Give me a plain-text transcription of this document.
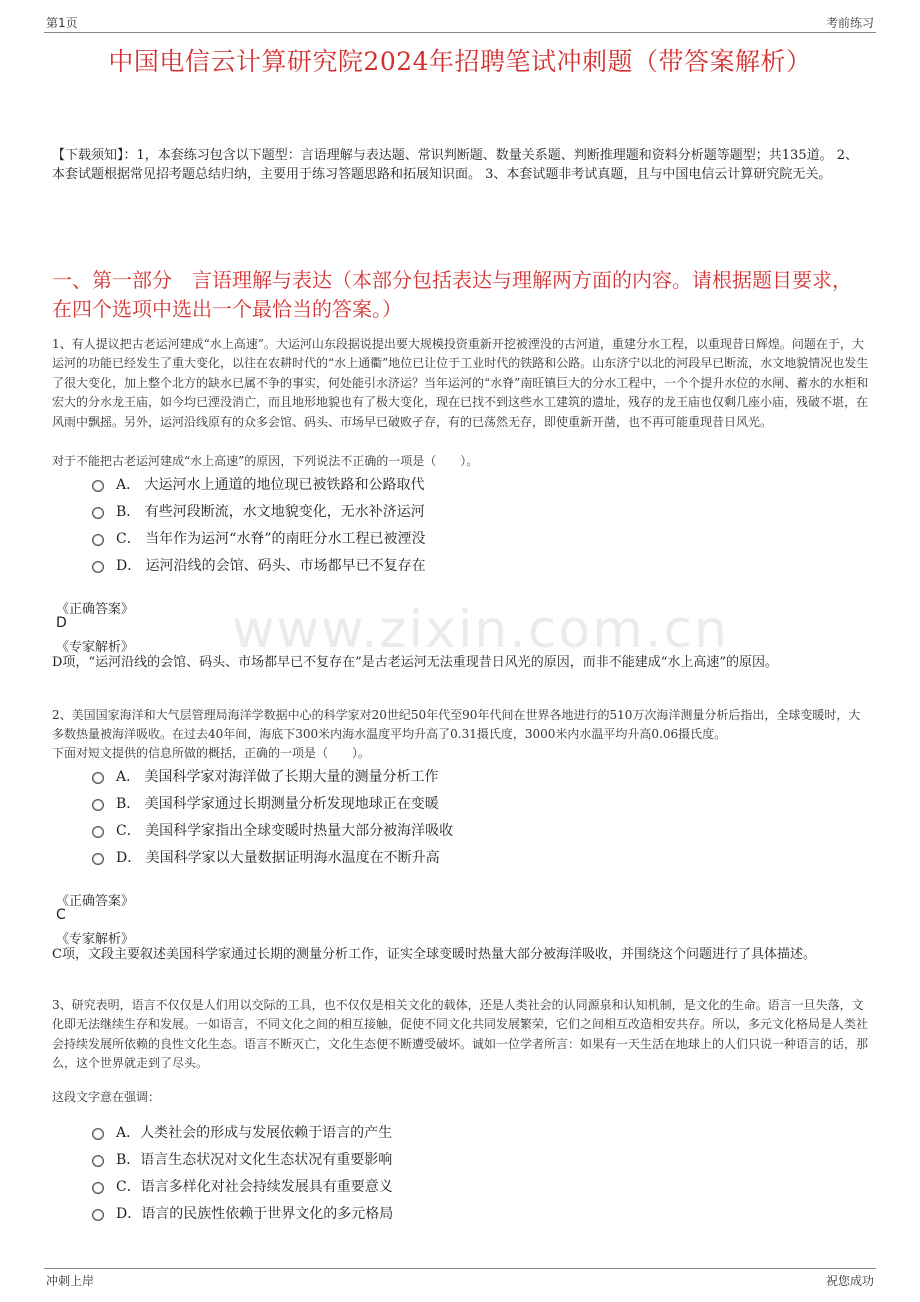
第1页	考前练习
中国电信云计算研究院2024年招聘笔试冲刺题（带答案解析）
【下载须知】：1，本套练习包含以下题型：言语理解与表达题、常识判断题、数量关系题、判断推理题和资料分析题等题型；共135道。 2、本套试题根据常见招考题总结归纳，主要用于练习答题思路和拓展知识面。 3、本套试题非考试真题，且与中国电信云计算研究院无关。
一、第一部分　言语理解与表达（本部分包括表达与理解两方面的内容。请根据题目要求，在四个选项中选出一个最恰当的答案。）
www.zixin.com.cn
1、有人提议把古老运河建成“水上高速”。大运河山东段据说提出要大规模投资重新开挖被湮没的古河道，重建分水工程，以重现昔日辉煌。问题在于，大运河的功能已经发生了重大变化，以往在农耕时代的“水上通衢”地位已让位于工业时代的铁路和公路。山东济宁以北的河段早已断流，水文地貌情况也发生了很大变化，加上整个北方的缺水已属不争的事实，何处能引水济运？当年运河的“水脊”南旺镇巨大的分水工程中，一个个提升水位的水闸、蓄水的水柜和宏大的分水龙王庙，如今均已湮没消亡，而且地形地貌也有了极大变化，现在已找不到这些水工建筑的遗址，残存的龙王庙也仅剩几座小庙，残破不堪，在风雨中飘摇。另外，运河沿线原有的众多会馆、码头、市场早已破败孑存，有的已荡然无存，即使重新开凿，也不再可能重现昔日风光。
对于不能把古老运河建成“水上高速”的原因，下列说法不正确的一项是（　　）。
A． 大运河水上通道的地位现已被铁路和公路取代
B． 有些河段断流，水文地貌变化，无水补济运河
C． 当年作为运河“水脊”的南旺分水工程已被湮没
D． 运河沿线的会馆、码头、市场都早已不复存在
《正确答案》
D
《专家解析》
D项，“运河沿线的会馆、码头、市场都早已不复存在”是古老运河无法重现昔日风光的原因，而非不能建成“水上高速”的原因。
2、美国国家海洋和大气层管理局海洋学数据中心的科学家对20世纪50年代至90年代间在世界各地进行的510万次海洋测量分析后指出，全球变暖时，大多数热量被海洋吸收。在过去40年间，海底下300米内海水温度平均升高了0.31摄氏度，3000米内水温平均升高0.06摄氏度。
下面对短文提供的信息所做的概括，正确的一项是（　　）。
A． 美国科学家对海洋做了长期大量的测量分析工作
B． 美国科学家通过长期测量分析发现地球正在变暖
C． 美国科学家指出全球变暖时热量大部分被海洋吸收
D． 美国科学家以大量数据证明海水温度在不断升高
《正确答案》
C
《专家解析》
C项，文段主要叙述美国科学家通过长期的测量分析工作，证实全球变暖时热量大部分被海洋吸收，并围绕这个问题进行了具体描述。
3、研究表明，语言不仅仅是人们用以交际的工具，也不仅仅是相关文化的载体，还是人类社会的认同源泉和认知机制，是文化的生命。语言一旦失落，文化即无法继续生存和发展。一如语言，不同文化之间的相互接触，促使不同文化共同发展繁荣，它们之间相互改造相安共存。所以，多元文化格局是人类社会持续发展所依赖的良性文化生态。语言不断灭亡，文化生态便不断遭受破坏。诚如一位学者所言：如果有一天生活在地球上的人们只说一种语言的话，那么，这个世界就走到了尽头。
这段文字意在强调：
A．人类社会的形成与发展依赖于语言的产生
B．语言生态状况对文化生态状况有重要影响
C．语言多样化对社会持续发展具有重要意义
D．语言的民族性依赖于世界文化的多元格局
冲刺上岸	祝您成功
